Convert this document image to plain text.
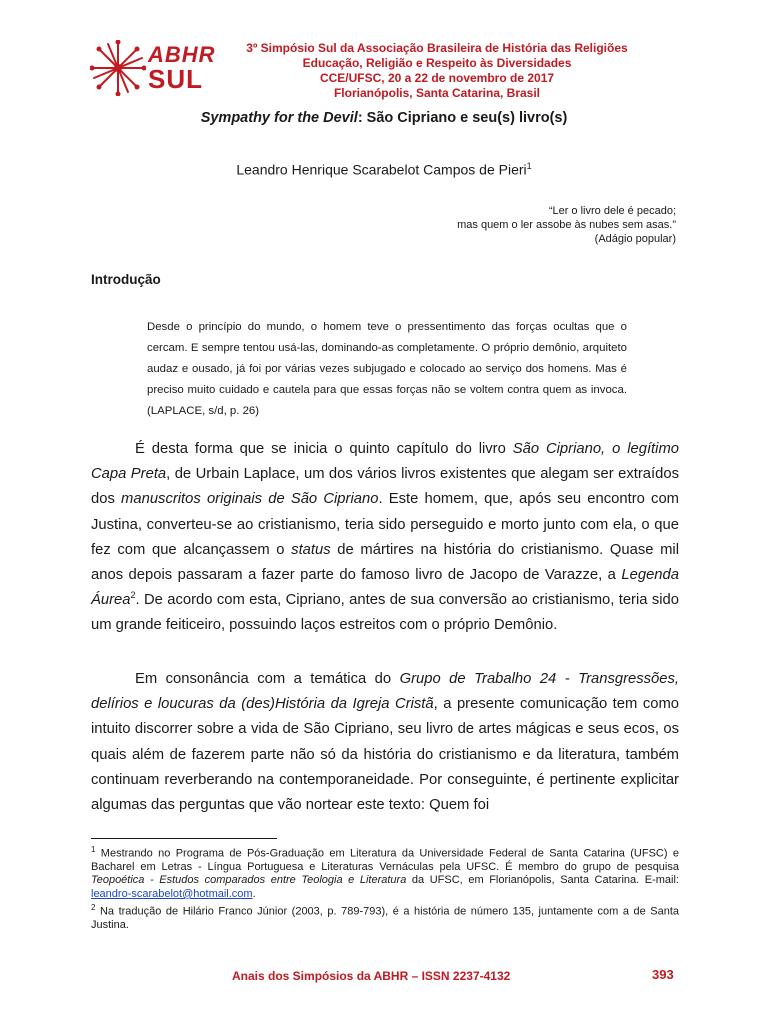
ABHR
SUL
3º Simpósio Sul da Associação Brasileira de História das Religiões
Educação, Religião e Respeito às Diversidades
CCE/UFSC, 20 a 22 de novembro de 2017
Florianópolis, Santa Catarina, Brasil
Sympathy for the Devil: São Cipriano e seu(s) livro(s)
Leandro Henrique Scarabelot Campos de Pieri$^1$
“Ler o livro dele é pecado;
mas quem o ler assobe às nubes sem asas.”
(Adágio popular)
Introdução
Desde o princípio do mundo, o homem teve o pressentimento das forças ocultas que o cercam. E sempre tentou usá-las, dominando-as completamente. O próprio demônio, arquiteto audaz e ousado, já foi por várias vezes subjugado e colocado ao serviço dos homens. Mas é preciso muito cuidado e cautela para que essas forças não se voltem contra quem as invoca. (LAPLACE, s/d, p. 26)
É desta forma que se inicia o quinto capítulo do livro São Cipriano, o legítimo Capa Preta, de Urbain Laplace, um dos vários livros existentes que alegam ser extraídos dos manuscritos originais de São Cipriano. Este homem, que, após seu encontro com Justina, converteu-se ao cristianismo, teria sido perseguido e morto junto com ela, o que fez com que alcançassem o status de mártires na história do cristianismo. Quase mil anos depois passaram a fazer parte do famoso livro de Jacopo de Varazze, a Legenda Áurea$^2$. De acordo com esta, Cipriano, antes de sua conversão ao cristianismo, teria sido um grande feiticeiro, possuindo laços estreitos com o próprio Demônio.
Em consonância com a temática do Grupo de Trabalho 24 - Transgressões, delírios e loucuras da (des)História da Igreja Cristã, a presente comunicação tem como intuito discorrer sobre a vida de São Cipriano, seu livro de artes mágicas e seus ecos, os quais além de fazerem parte não só da história do cristianismo e da literatura, também continuam reverberando na contemporaneidade. Por conseguinte, é pertinente explicitar algumas das perguntas que vão nortear este texto: Quem foi
$^1$ Mestrando no Programa de Pós-Graduação em Literatura da Universidade Federal de Santa Catarina (UFSC) e Bacharel em Letras - Língua Portuguesa e Literaturas Vernáculas pela UFSC. É membro do grupo de pesquisa Teopoética - Estudos comparados entre Teologia e Literatura da UFSC, em Florianópolis, Santa Catarina. E-mail: leandro-scarabelot@hotmail.com.
$^2$ Na tradução de Hilário Franco Júnior (2003, p. 789-793), é a história de número 135, juntamente com a de Santa Justina.
Anais dos Simpósios da ABHR – ISSN 2237-4132	393
